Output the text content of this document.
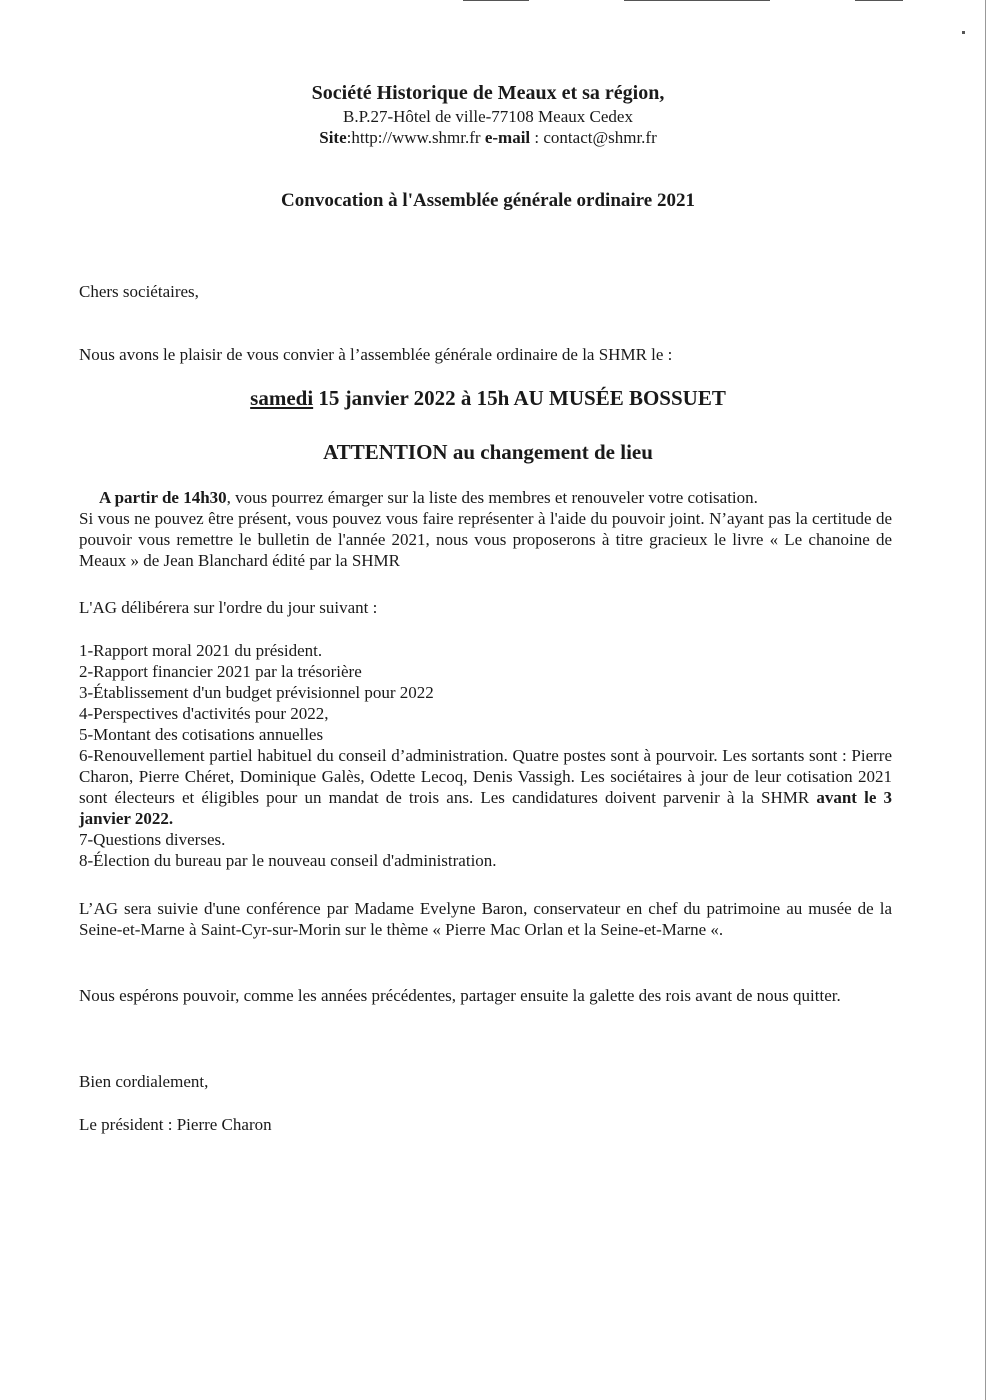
Société Historique de Meaux et sa région,
B.P.27-Hôtel de ville-77108 Meaux Cedex
Site:http://www.shmr.fr e-mail : contact@shmr.fr
Convocation à l'Assemblée générale ordinaire 2021
Chers sociétaires,
Nous avons le plaisir de vous convier à l’assemblée générale ordinaire de la SHMR le :
samedi 15 janvier 2022 à 15h AU MUSÉE BOSSUET
ATTENTION au changement de lieu
A partir de 14h30, vous pourrez émarger sur la liste des membres et renouveler votre cotisation.
Si vous ne pouvez être présent, vous pouvez vous faire représenter à l'aide du pouvoir joint. N’ayant pas la certitude de pouvoir vous remettre le bulletin de l'année 2021, nous vous proposerons à titre gracieux le livre « Le chanoine de Meaux » de Jean Blanchard édité par la SHMR
L'AG délibérera sur l'ordre du jour suivant :
1-Rapport moral 2021 du président.
2-Rapport financier 2021 par la trésorière
3-Établissement d'un budget prévisionnel pour 2022
4-Perspectives d'activités pour 2022,
5-Montant des cotisations annuelles
6-Renouvellement partiel habituel du conseil d’administration. Quatre postes sont à pourvoir. Les sortants sont : Pierre Charon, Pierre Chéret, Dominique Galès, Odette Lecoq, Denis Vassigh. Les sociétaires à jour de leur cotisation 2021 sont électeurs et éligibles pour un mandat de trois ans. Les candidatures doivent parvenir à la SHMR avant le 3 janvier 2022.
7-Questions diverses.
8-Élection du bureau par le nouveau conseil d'administration.
L’AG sera suivie d'une conférence par Madame Evelyne Baron, conservateur en chef du patrimoine au musée de la Seine-et-Marne à Saint-Cyr-sur-Morin sur le thème « Pierre Mac Orlan et la Seine-et-Marne «.
Nous espérons pouvoir, comme les années précédentes, partager ensuite la galette des rois avant de nous quitter.
Bien cordialement,
Le président : Pierre Charon
